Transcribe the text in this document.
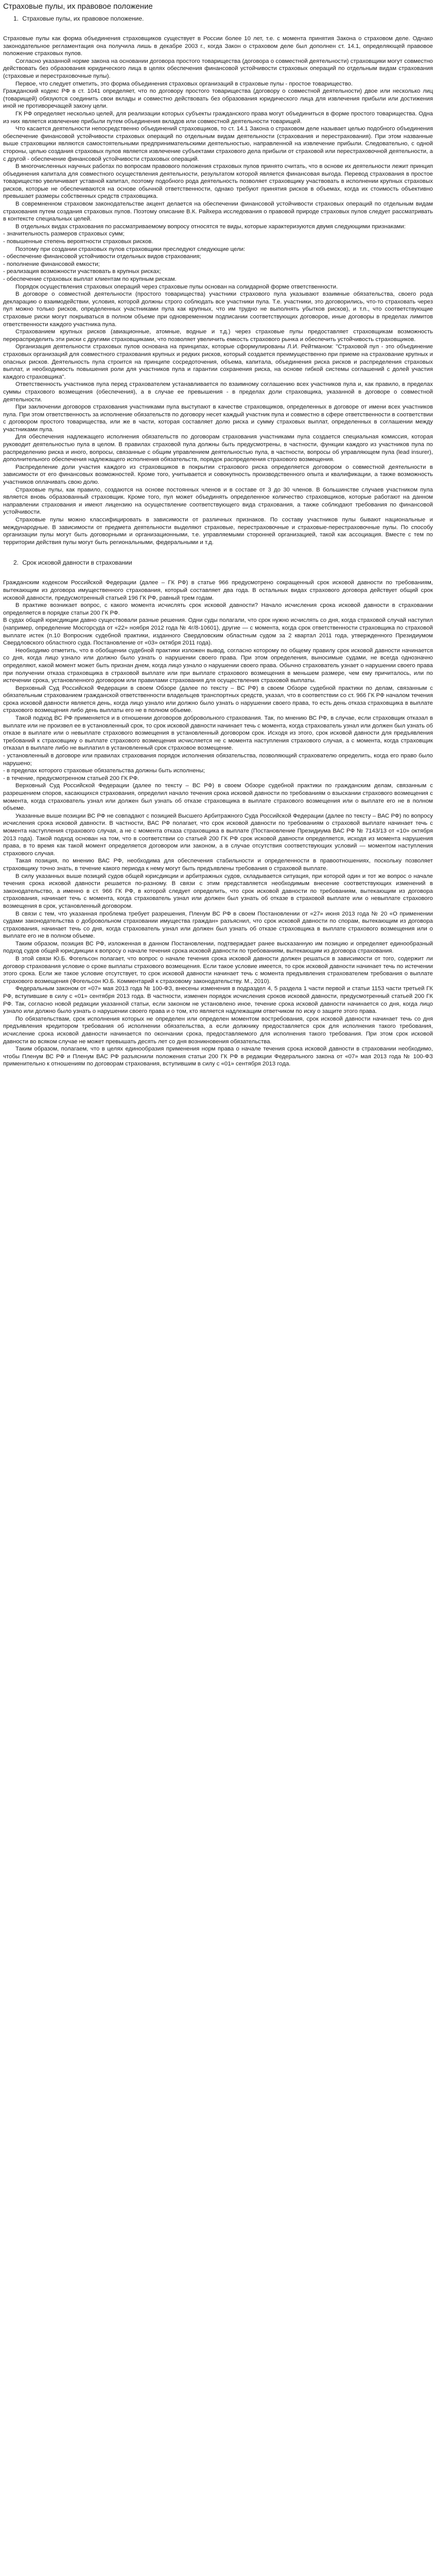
Страховые пулы, их правовое положение
1. Страховые пулы, их правовое положение.

Страховые пулы как форма объединения страховщиков существует в России более 10 лет, т.е. с момента принятия Закона о страховом деле. Однако законодательное регламентация она получила лишь в декабре 2003 г., когда Закон о страховом деле был дополнен ст. 14.1, определяющей правовое положение страховых пулов.

Согласно указанной норме закона на основании договора простого товарищества (договора о совместной деятельности) страховщики могут совместно действовать без образования юридического лица в целях обеспечения финансовой устойчивости страховых операций по отдельным видам страхования (страховые и перестраховочные пулы).

Первое, что следует отметить, это форма объединения страховых организаций в страховые пулы - простое товарищество.

Гражданский кодекс РФ в ст. 1041 определяет, что по договору простого товарищества (договору о совместной деятельности) двое или несколько лиц (товарищей) обязуются соединить свои вклады и совместно действовать без образования юридического лица для извлечения прибыли или достижения иной не противоречащей закону цели.

ГК РФ определяет несколько целей, для реализации которых субъекты гражданского права могут объединиться в форме простого товарищества. Одна из них является извлечение прибыли путем объединения вкладов или совместной деятельности товарищей.

Что касается деятельности непосредственно объединений страховщиков, то ст. 14.1 Закона о страховом деле называет целью подобного объединения обеспечение финансовой устойчивости страховых операций по отдельным видам деятельности (страхования и перестрахования). При этом названные выше страховщики являются самостоятельными предпринимательскими деятельностью, направленной на извлечение прибыли. Следовательно, с одной стороны, целью создания страховых пулов является извлечение субъектами страхового дела прибыли от страховой или перестраховочной деятельности, а с другой - обеспечение финансовой устойчивости страховых операций.

В многочисленных научных работах по вопросам правового положения страховых пулов принято считать, что в основе их деятельности лежит принцип объединения капитала для совместного осуществления деятельности, результатом которой является финансовая выгода. Перевод страхования в простое товарищество увеличивает уставной капитал, поэтому подобного рода деятельность позволяет страховщику участвовать в исполнении крупных страховых рисков, которые не обеспечиваются на основе обычной ответственности, однако требуют принятия рисков в объемах, когда их стоимость объективно превышает размеры собственных средств страховщика.

В совремненном страховом законодательстве акцент делается на обеспечении финансовой устойчивости страховых операций по отдельным видам страхования путем создания страховых пулов. Поэтому описание В.К. Райхера исследования о правовой природе страховых пулов следует рассматривать в контексте специальных целей.

В отдельных видах страхования по рассматриваемому вопросу относятся те виды, которые характеризуются двумя следующими признаками:

- значительность размеров страховых сумм;

- повышенные степень вероятности страховых рисков.

Поэтому при создании страховых пулов страховщики преследуют следующие цели:

- обеспечение финансовой устойчивости отдельных видов страхования;

- пополнение финансовой емкости;

- реализация возможности участвовать в крупных рисках;

- обеспечение страховых выплат клиентам по крупным рискам.

Порядок осуществления страховых операций через страховые пулы основан на солидарной форме ответственности.

В договоре о совместной деятельности (простого товарищества) участники страхового пула указывают взаимные обязательства, своего рода декларацию о взаимодействии, условия, которой должны строго соблюдать все участники пула. Т.е. участники, это договорились, что-то страховать через пул можно только рисков, определенных участниками пула как крупных, что им трудно не выполнять убытков рисков), и т.п., что соответствующие страховые риски могут покрываться в полном объеме при одновременном подписании соответствующих договоров, иные договоры в пределах лимитов ответственности каждого участника пула.

Страхованием крупных рисков (авиационные, атомные, водные и т.д.) через страховые пулы предоставляет страховщикам возможность перераспределить эти риски с другими страховщиками, что позволяет увеличить емкость страхового рынка и обеспечить устойчивость страховщиков.

Организация деятельности страховых пулов основана на принципах, которые сформулированы Л.И. Рейтманом: "Страховой пул - это объединение страховых организаций для совместного страхования крупных и редких рисков, который создается преимущественно при приеме на страхование крупных и опасных рисков. Деятельность пула строится на принципе сосредоточения, объема, капитала, объединения риска рисков и распределения страховых выплат, и необходимость повышения роли для участников пула и гарантии сохранения риска, на основе гибкой системы соглашений с долей участия каждого страховщика".

Ответственность участников пула перед страхователем устанавливается по взаимному соглашению всех участников пула и, как правило, в пределах суммы страхового возмещения (обеспечения), а в случае ее превышения - в пределах доли страховщика, указанной в договоре о совместной деятельности.

При заключении договоров страхования участниками пула выступают в качестве страховщиков, определенных в договоре от имени всех участников пула. При этом ответственность за исполнение обязательств по договору несет каждый участник пула и совместно в сфере ответственности в соответствии с договором простого товарищества, или же в части, которая составляет долю риска и сумму страховых выплат, определенных в соглашении между участниками пула.

Для обеспечения надлежащего исполнения обязательств по договорам страхования участниками пула создается специальная комиссия, которая руководит деятельностью пула в целом. В правилах страховой пула должны быть предусмотрены, в частности, функции каждого из участников пула по распределению риска и иного, вопросы, связанные с общим управлением деятельностью пула, в частности, вопросы об управляющем пула (lead insurer), дополнительного обеспечения надлежащего исполнения обязательств, порядок распределения страхового возмещения.

Распределение доли участия каждого из страховщиков в покрытии страхового риска определяется договором о совместной деятельности в зависимости от его финансовых возможностей. Кроме того, учитывается и совокупность производственного опыта и квалификации, а также возможность участников оплачивать свою долю.

Страховые пулы, как правило, создаются на основе постоянных членов и в составе от 3 до 30 членов. В большинстве случаев участником пула является вновь образованный страховщик. Кроме того, пул может объединять определенное количество страховщиков, которые работают на данном направлении страхования и имеют лицензию на осуществление соответствующего вида страхования, а также соблюдают требования по финансовой устойчивости.

Страховые пулы можно классифицировать в зависимости от различных признаков. По составу участников пулы бывают национальные и международные. В зависимости от предмета деятельности выделяют страховые, перестраховочные и страховые-перестраховочные пулы. По способу организации пулы могут быть договорными и организационными, т.е. управляемыми сторонней организацией, такой как ассоциация. Вместе с тем по территории действия пулы могут быть региональными, федеральными и т.д.

2. Срок исковой давности в страховании

Гражданским кодексом Российской Федерации (далее – ГК РФ) в статье 966 предусмотрено сокращенный срок исковой давности по требованиям, вытекающим из договора имущественного страхования, который составляет два года. В остальных видах страхового договора действует общий срок исковой давности, предусмотренный статьей 196 ГК РФ, равный трем годам.

В практике возникает вопрос, с какого момента исчислять срок исковой давности? Начало исчисления срока исковой давности в страховании определяется в порядке статьи 200 ГК РФ.

В судах общей юрисдикции давно существовали разные решения. Одни суды полагали, что срок нужно исчислять со дня, когда страховой случай наступил (например, определение Мосгорсуда от «22» ноября 2012 года № 4г/8-10601), другие — с момента, когда срок ответственности страховщика по страховой выплате истек (п.10 Вопросник судебной практики, изданного Свердловским областным судом за 2 квартал 2011 года, утвержденного Президиумом Свердловского областного суда. Постановление от «03» октября 2011 года).

Необходимо отметить, что в обобщении судебной практики изложен вывод, согласно которому по общему правилу срок исковой давности начинается со дня, когда лицо узнало или должно было узнать о нарушении своего права. При этом определения, выносимые судами, не всегда однозначно определяют, какой момент может быть признан днем, когда лицо узнало о нарушении своего права. Обычно страхователь узнает о нарушении своего права при получении отказа страховщика в страховой выплате или при выплате страхового возмещения в меньшем размере, чем ему причиталось, или по истечении срока, установленного договором или правилами страхования для осуществления страховой выплаты.

Верховный Суд Российской Федерации в своем Обзоре (далее по тексту – ВС РФ) в своем Обзоре судебной практики по делам, связанным с обязательным страхованием гражданской ответственности владельцев транспортных средств, указал, что в соответствии со ст. 966 ГК РФ началом течения срока исковой давности является день, когда лицо узнало или должно было узнать о нарушении своего права, то есть день отказа страховщика в выплате страхового возмещения либо день выплаты его не в полном объеме.

Такой подход ВС РФ применяется и в отношении договоров добровольного страхования. Так, по мнению ВС РФ, в случае, если страховщик отказал в выплате или не произвел ее в установленный срок, то срок исковой давности начинает течь с момента, когда страхователь узнал или должен был узнать об отказе в выплате или о невыплате страхового возмещения в установленный договором срок. Исходя из этого, срок исковой давности для предъявления требований к страховщику о выплате страхового возмещения исчисляется не с момента наступления страхового случая, а с момента, когда страховщик отказал в выплате либо не выплатил в установленный срок страховое возмещение.

- установленный в договоре или правилах страхования порядок исполнения обязательства, позволяющий страхователю определить, когда его право было нарушено;

- в пределах которого страховые обязательства должны быть исполнены;

- в течение, предусмотренном статьей 200 ГК РФ.

Верховный Суд Российской Федерации (далее по тексту – ВС РФ) в своем Обзоре судебной практики по гражданским делам, связанным с разрешением споров, касающихся страхования, определил начало течения срока исковой давности по требованиям о взыскании страхового возмещения с момента, когда страхователь узнал или должен был узнать об отказе страховщика в выплате страхового возмещения или о выплате его не в полном объеме.

Указанные выше позиции ВС РФ не совпадают с позицией Высшего Арбитражного Суда Российской Федерации (далее по тексту – ВАС РФ) по вопросу исчисления срока исковой давности. В частности, ВАС РФ полагает, что срок исковой давности по требованиям о страховой выплате начинает течь с момента наступления страхового случая, а не с момента отказа страховщика в выплате (Постановление Президиума ВАС РФ № 7143/13 от «10» октября 2013 года). Такой подход основан на том, что в соответствии со статьей 200 ГК РФ срок исковой давности определяется, исходя из момента нарушения права, в то время как такой момент определяется договором или законом, а в случае отсутствия соответствующих условий — моментом наступления страхового случая.

Такая позиция, по мнению ВАС РФ, необходима для обеспечения стабильности и определенности в правоотношениях, поскольку позволяет страховщику точно знать, в течение какого периода к нему могут быть предъявлены требования о страховой выплате.

В силу указанных выше позиций судов общей юрисдикции и арбитражных судов, складывается ситуация, при которой один и тот же вопрос о начале течения срока исковой давности решается по-разному. В связи с этим представляется необходимым внесение соответствующих изменений в законодательство, а именно в ст. 966 ГК РФ, в которой следует определить, что срок исковой давности по требованиям, вытекающим из договора страхования, начинает течь с момента, когда страхователь узнал или должен был узнать об отказе в страховой выплате или о невыплате страхового возмещения в срок, установленный договором.

В связи с тем, что указанная проблема требует разрешения, Пленум ВС РФ в своем Постановлении от «27» июня 2013 года № 20 «О применении судами законодательства о добровольном страховании имущества граждан» разъяснил, что срок исковой давности по спорам, вытекающим из договора страхования, начинает течь со дня, когда страхователь узнал или должен был узнать об отказе страховщика в выплате страхового возмещения или о выплате его не в полном объеме.

Таким образом, позиция ВС РФ, изложенная в данном Постановлении, подтверждает ранее высказанную им позицию и определяет единообразный подход судов общей юрисдикции к вопросу о начале течения срока исковой давности по требованиям, вытекающим из договора страхования.

В этой связи Ю.Б. Фогельсон полагает, что вопрос о начале течения срока исковой давности должен решаться в зависимости от того, содержит ли договор страхования условие о сроке выплаты страхового возмещения. Если такое условие имеется, то срок исковой давности начинает течь по истечении этого срока. Если же такое условие отсутствует, то срок исковой давности начинает течь с момента предъявления страхователем требования о выплате страхового возмещения (Фогельсон Ю.Б. Комментарий к страховому законодательству. М., 2010).

Федеральным законом от «07» мая 2013 года № 100-ФЗ, внесены изменения в подраздел 4, 5 раздела 1 части первой и статьи 1153 части третьей ГК РФ, вступившие в силу с «01» сентября 2013 года. В частности, изменен порядок исчисления сроков исковой давности, предусмотренный статьей 200 ГК РФ. Так, согласно новой редакции указанной статьи, если законом не установлено иное, течение срока исковой давности начинается со дня, когда лицо узнало или должно было узнать о нарушении своего права и о том, кто является надлежащим ответчиком по иску о защите этого права.

По обязательствам, срок исполнения которых не определен или определен моментом востребования, срок исковой давности начинает течь со дня предъявления кредитором требования об исполнении обязательства, а если должнику предоставляется срок для исполнения такого требования, исчисление срока исковой давности начинается по окончании срока, предоставляемого для исполнения такого требования. При этом срок исковой давности во всяком случае не может превышать десять лет со дня возникновения обязательства.

Таким образом, полагаем, что в целях единообразия применения норм права о начале течения срока исковой давности в страховании необходимо, чтобы Пленум ВС РФ и Пленум ВАС РФ разъяснили положения статьи 200 ГК РФ в редакции Федерального закона от «07» мая 2013 года № 100-ФЗ применительно к отношениям по договорам страхования, вступившим в силу с «01» сентября 2013 года.
